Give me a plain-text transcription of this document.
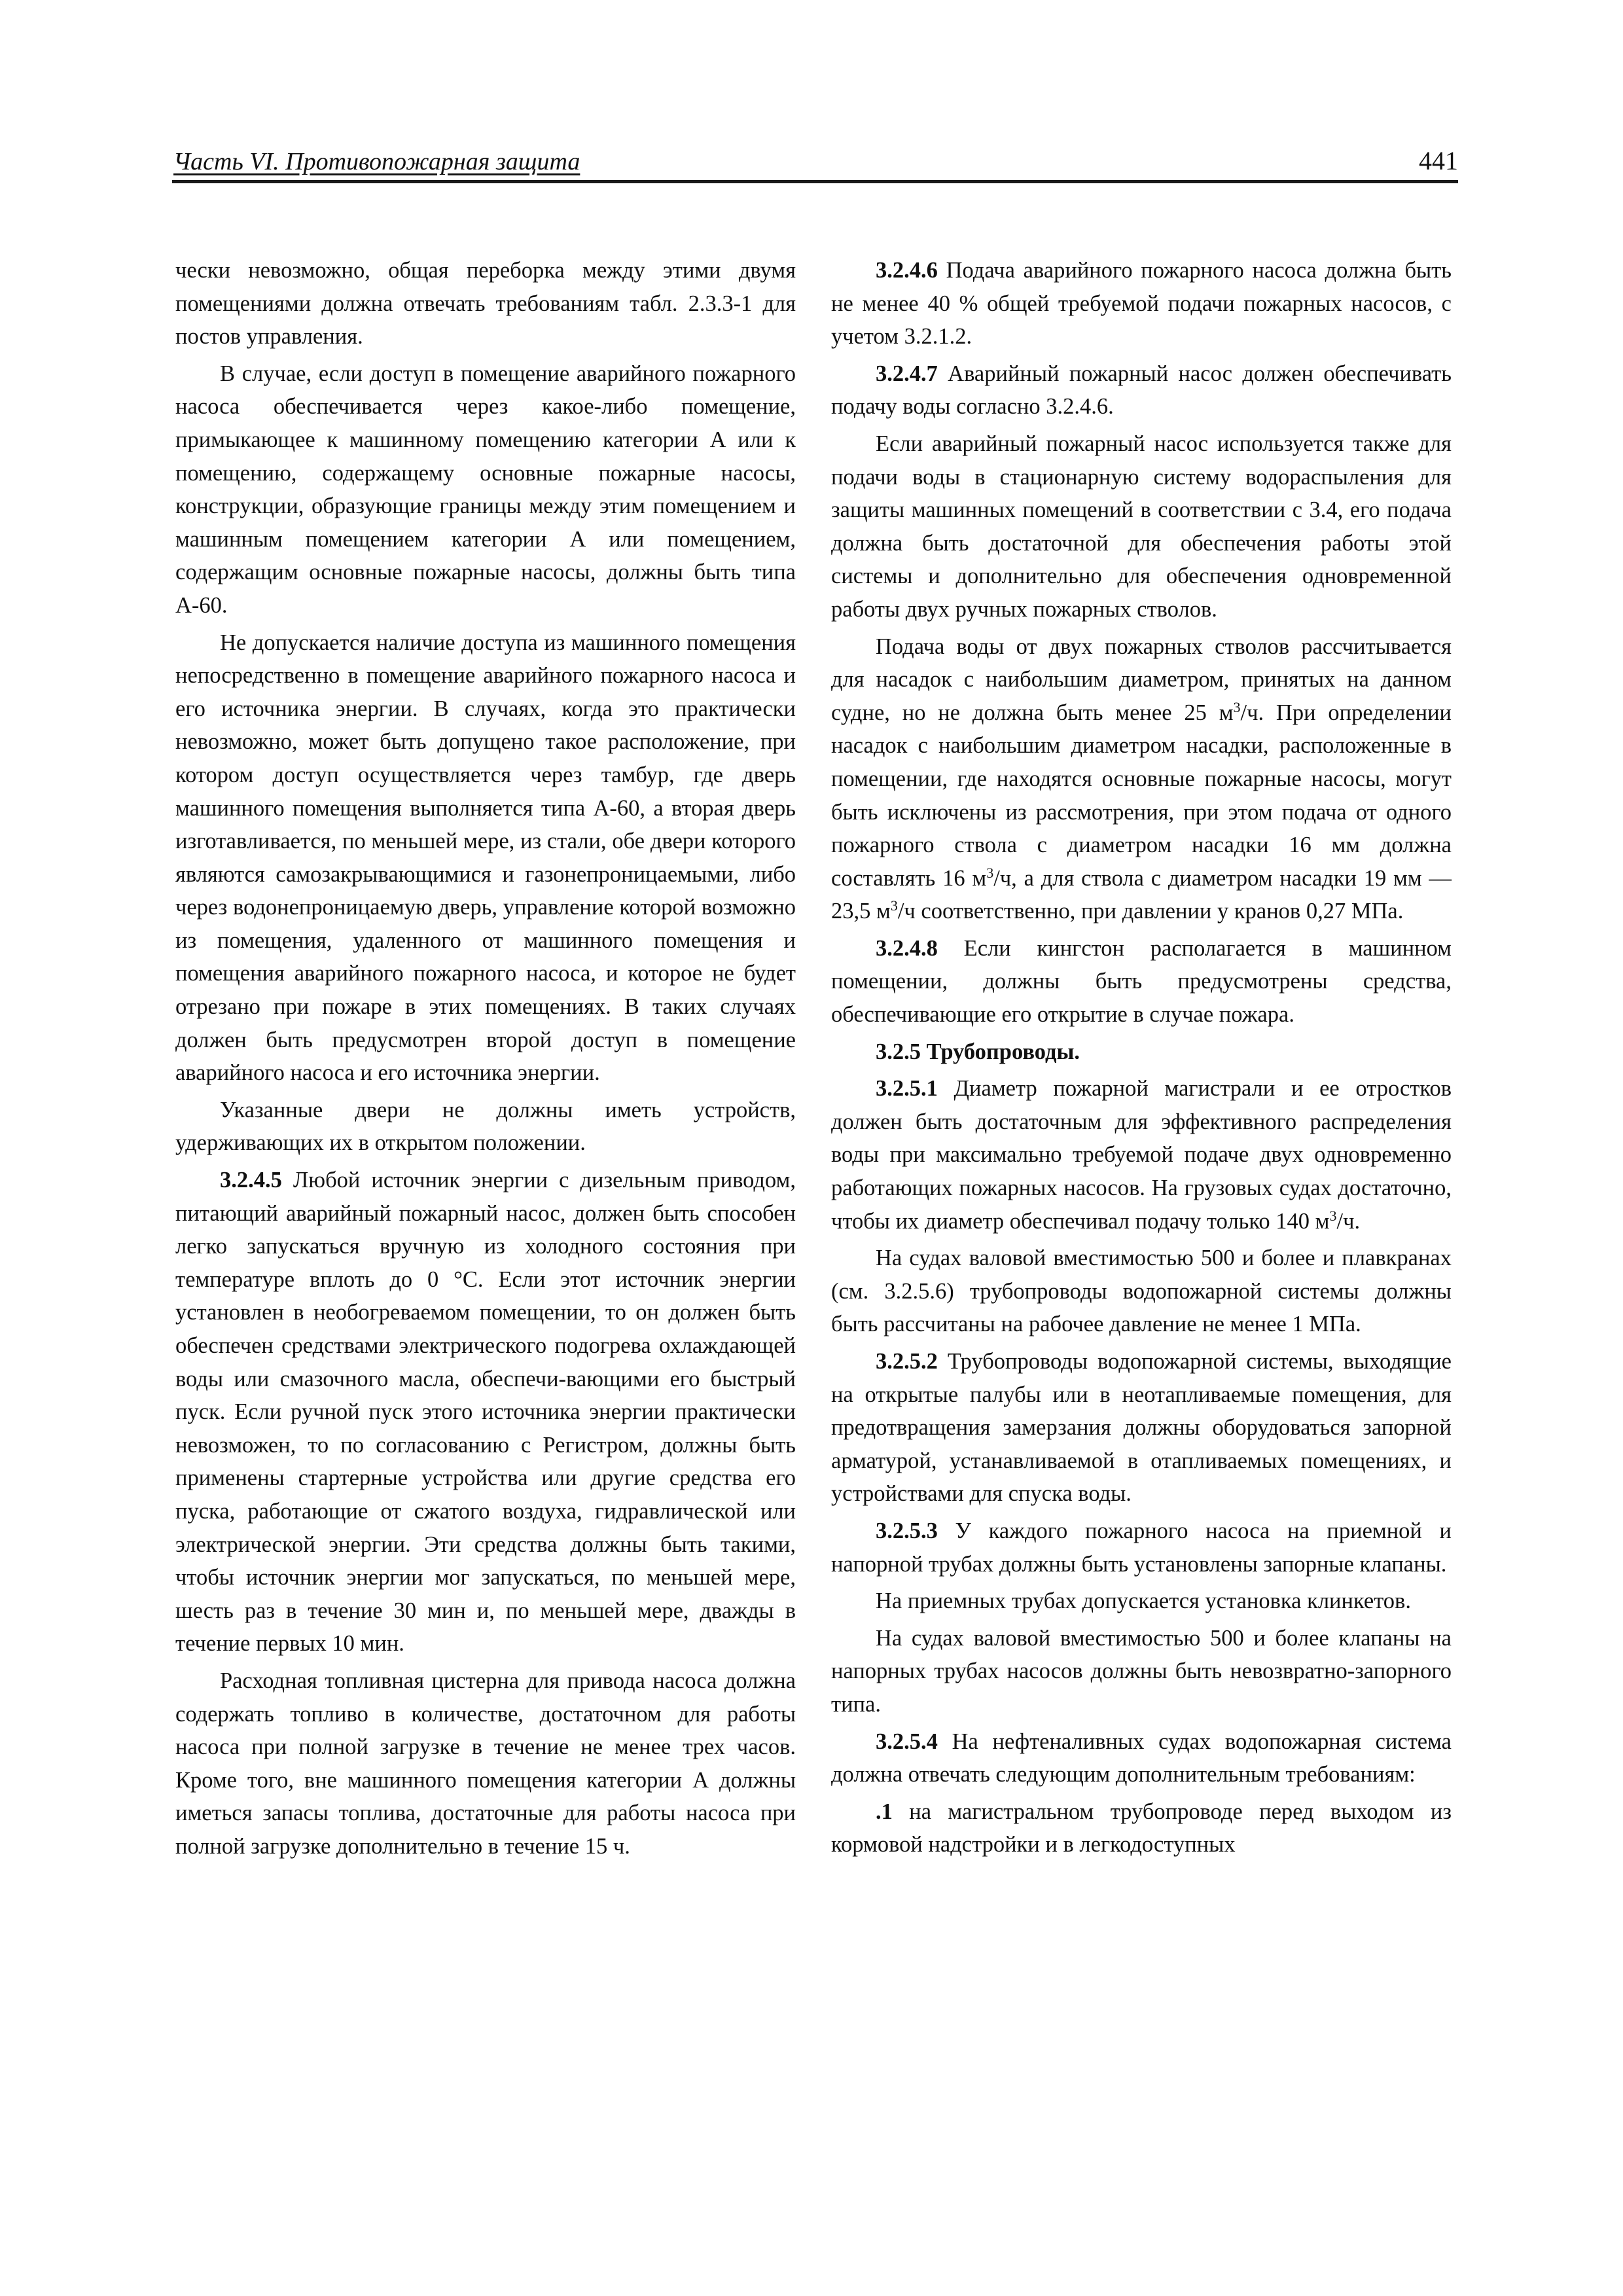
Часть VI. Противопожарная защита	441

чески невозможно, общая переборка между этими двумя помещениями должна отвечать требованиям табл. 2.3.3-1 для постов управления.

В случае, если доступ в помещение аварийного пожарного насоса обеспечивается через какое-либо помещение, примыкающее к машинному помещению категории А или к помещению, содержащему основные пожарные насосы, конструкции, образующие границы между этим помещением и машинным помещением категории А или помещением, содержащим основные пожарные насосы, должны быть типа А-60.

Не допускается наличие доступа из машинного помещения непосредственно в помещение аварийного пожарного насоса и его источника энергии. В случаях, когда это практически невозможно, может быть допущено такое расположение, при котором доступ осуществляется через тамбур, где дверь машинного помещения выполняется типа А-60, а вторая дверь изготавливается, по меньшей мере, из стали, обе двери которого являются самозакрывающимися и газонепроницаемыми, либо через водонепроницаемую дверь, управление которой возможно из помещения, удаленного от машинного помещения и помещения аварийного пожарного насоса, и которое не будет отрезано при пожаре в этих помещениях. В таких случаях должен быть предусмотрен второй доступ в помещение аварийного насоса и его источника энергии.

Указанные двери не должны иметь устройств, удерживающих их в открытом положении.

3.2.4.5 Любой источник энергии с дизельным приводом, питающий аварийный пожарный насос, должен быть способен легко запускаться вручную из холодного состояния при температуре вплоть до 0 °С. Если этот источник энергии установлен в необогреваемом помещении, то он должен быть обеспечен средствами электрического подогрева охлаждающей воды или смазочного масла, обеспечи-вающими его быстрый пуск. Если ручной пуск этого источника энергии практически невозможен, то по согласованию с Регистром, должны быть применены стартерные устройства или другие средства его пуска, работающие от сжатого воздуха, гидравлической или электрической энергии. Эти средства должны быть такими, чтобы источник энергии мог запускаться, по меньшей мере, шесть раз в течение 30 мин и, по меньшей мере, дважды в течение первых 10 мин.

Расходная топливная цистерна для привода насоса должна содержать топливо в количестве, достаточном для работы насоса при полной загрузке в течение не менее трех часов. Кроме того, вне машинного помещения категории А должны иметься запасы топлива, достаточные для работы насоса при полной загрузке дополнительно в течение 15 ч.

3.2.4.6 Подача аварийного пожарного насоса должна быть не менее 40 % общей требуемой подачи пожарных насосов, с учетом 3.2.1.2.

3.2.4.7 Аварийный пожарный насос должен обеспечивать подачу воды согласно 3.2.4.6.

Если аварийный пожарный насос используется также для подачи воды в стационарную систему водораспыления для защиты машинных помещений в соответствии с 3.4, его подача должна быть достаточной для обеспечения работы этой системы и дополнительно для обеспечения одновременной работы двух ручных пожарных стволов.

Подача воды от двух пожарных стволов рассчитывается для насадок с наибольшим диаметром, принятых на данном судне, но не должна быть менее 25 $м^3/ч$. При определении насадок с наибольшим диаметром насадки, расположенные в помещении, где находятся основные пожарные насосы, могут быть исключены из рассмотрения, при этом подача от одного пожарного ствола с диаметром насадки 16 мм должна составлять 16 $м^3/ч$, а для ствола с диаметром насадки 19 мм — 23,5 $м^3/ч$ соответственно, при давлении у кранов 0,27 МПа.

3.2.4.8 Если кингстон располагается в машинном помещении, должны быть предусмотрены средства, обеспечивающие его открытие в случае пожара.

3.2.5 Трубопроводы.

3.2.5.1 Диаметр пожарной магистрали и ее отростков должен быть достаточным для эффективного распределения воды при максимально требуемой подаче двух одновременно работающих пожарных насосов. На грузовых судах достаточно, чтобы их диаметр обеспечивал подачу только 140 $м^3/ч$.

На судах валовой вместимостью 500 и более и плавкранах (см. 3.2.5.6) трубопроводы водопожарной системы должны быть рассчитаны на рабочее давление не менее 1 МПа.

3.2.5.2 Трубопроводы водопожарной системы, выходящие на открытые палубы или в неотапливаемые помещения, для предотвращения замерзания должны оборудоваться запорной арматурой, устанавливаемой в отапливаемых помещениях, и устройствами для спуска воды.

3.2.5.3 У каждого пожарного насоса на приемной и напорной трубах должны быть установлены запорные клапаны.

На приемных трубах допускается установка клинкетов.

На судах валовой вместимостью 500 и более клапаны на напорных трубах насосов должны быть невозвратно-запорного типа.

3.2.5.4 На нефтеналивных судах водопожарная система должна отвечать следующим дополнительным требованиям:

.1 на магистральном трубопроводе перед выходом из кормовой надстройки и в легкодоступных
